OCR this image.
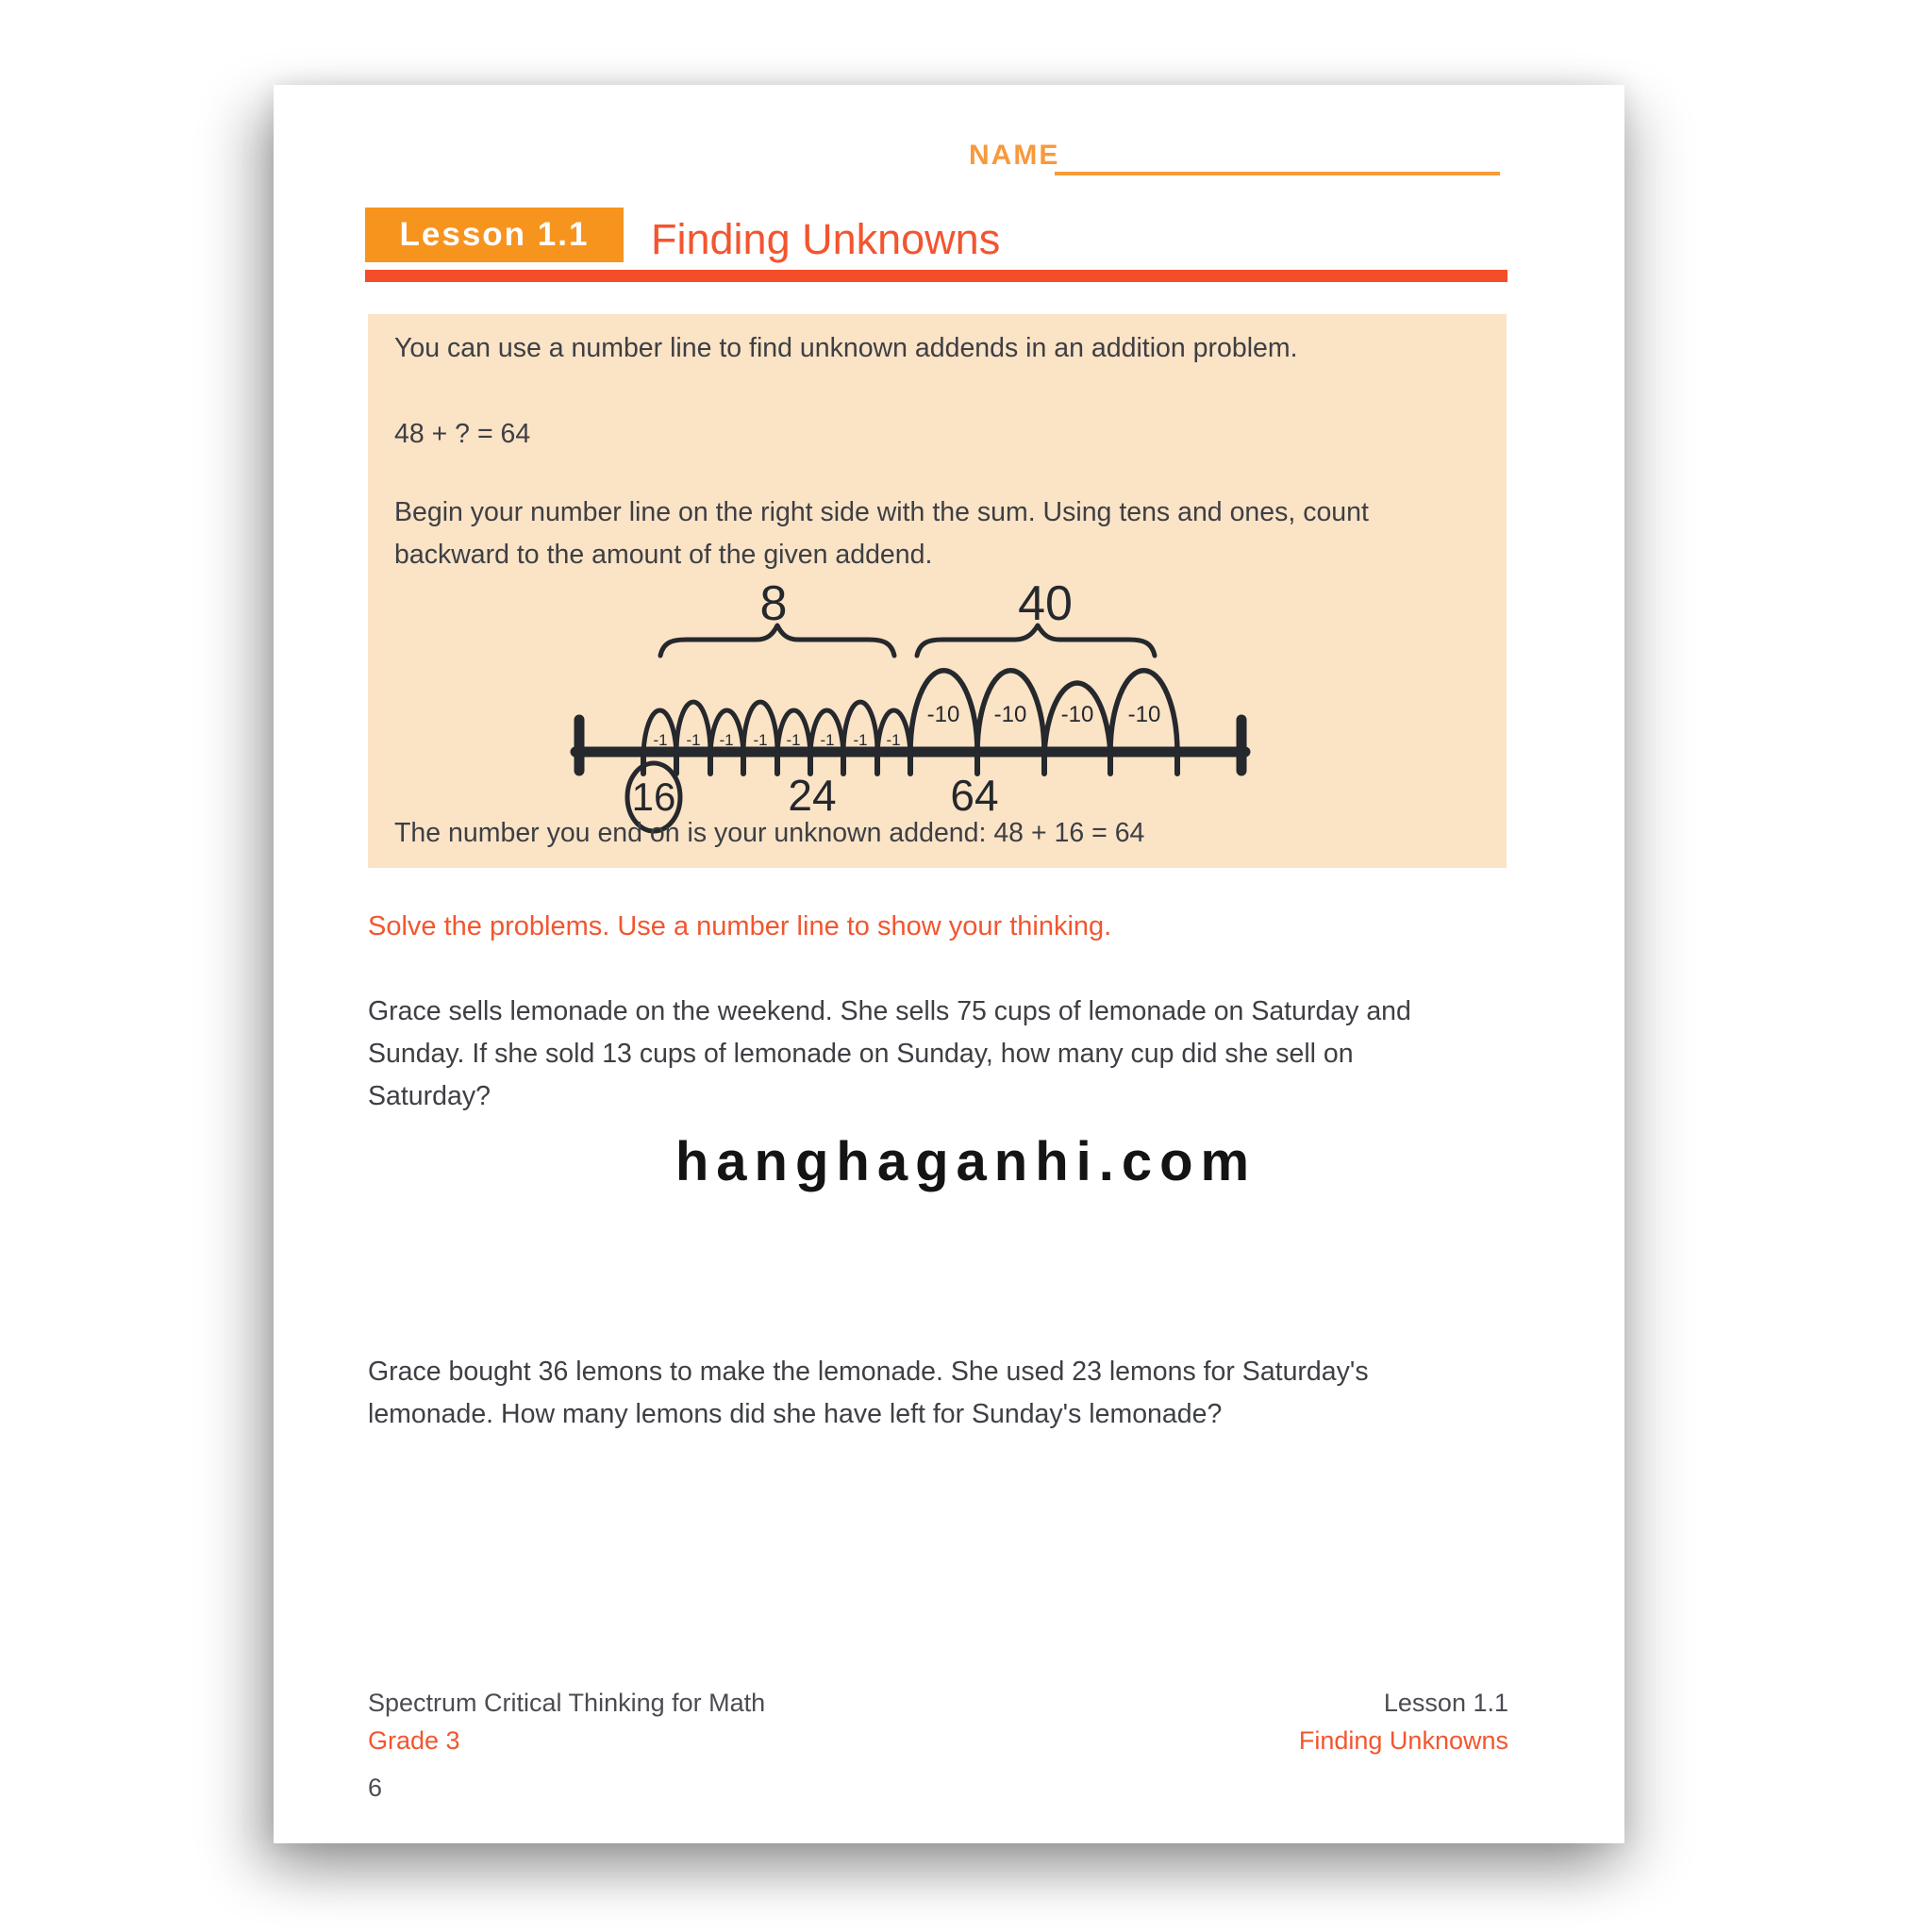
NAME
Lesson 1.1	Finding Unknowns
You can use a number line to find unknown addends in an addition problem.
48 + ? = 64
Begin your number line on the right side with the sum. Using tens and ones, count backward to the amount of the given addend.
8	40
-1 -1 -1 -1 -1 -1 -1 -1
-10 -10 -10 -10
16	24	64
The number you end on is your unknown addend: 48 + 16 = 64
Solve the problems. Use a number line to show your thinking.
Grace sells lemonade on the weekend. She sells 75 cups of lemonade on Saturday and Sunday. If she sold 13 cups of lemonade on Sunday, how many cup did she sell on Saturday?
hanghaganhi.com
Grace bought 36 lemons to make the lemonade. She used 23 lemons for Saturday's lemonade. How many lemons did she have left for Sunday's lemonade?
Spectrum Critical Thinking for Math
Grade 3
6
Lesson 1.1
Finding Unknowns
